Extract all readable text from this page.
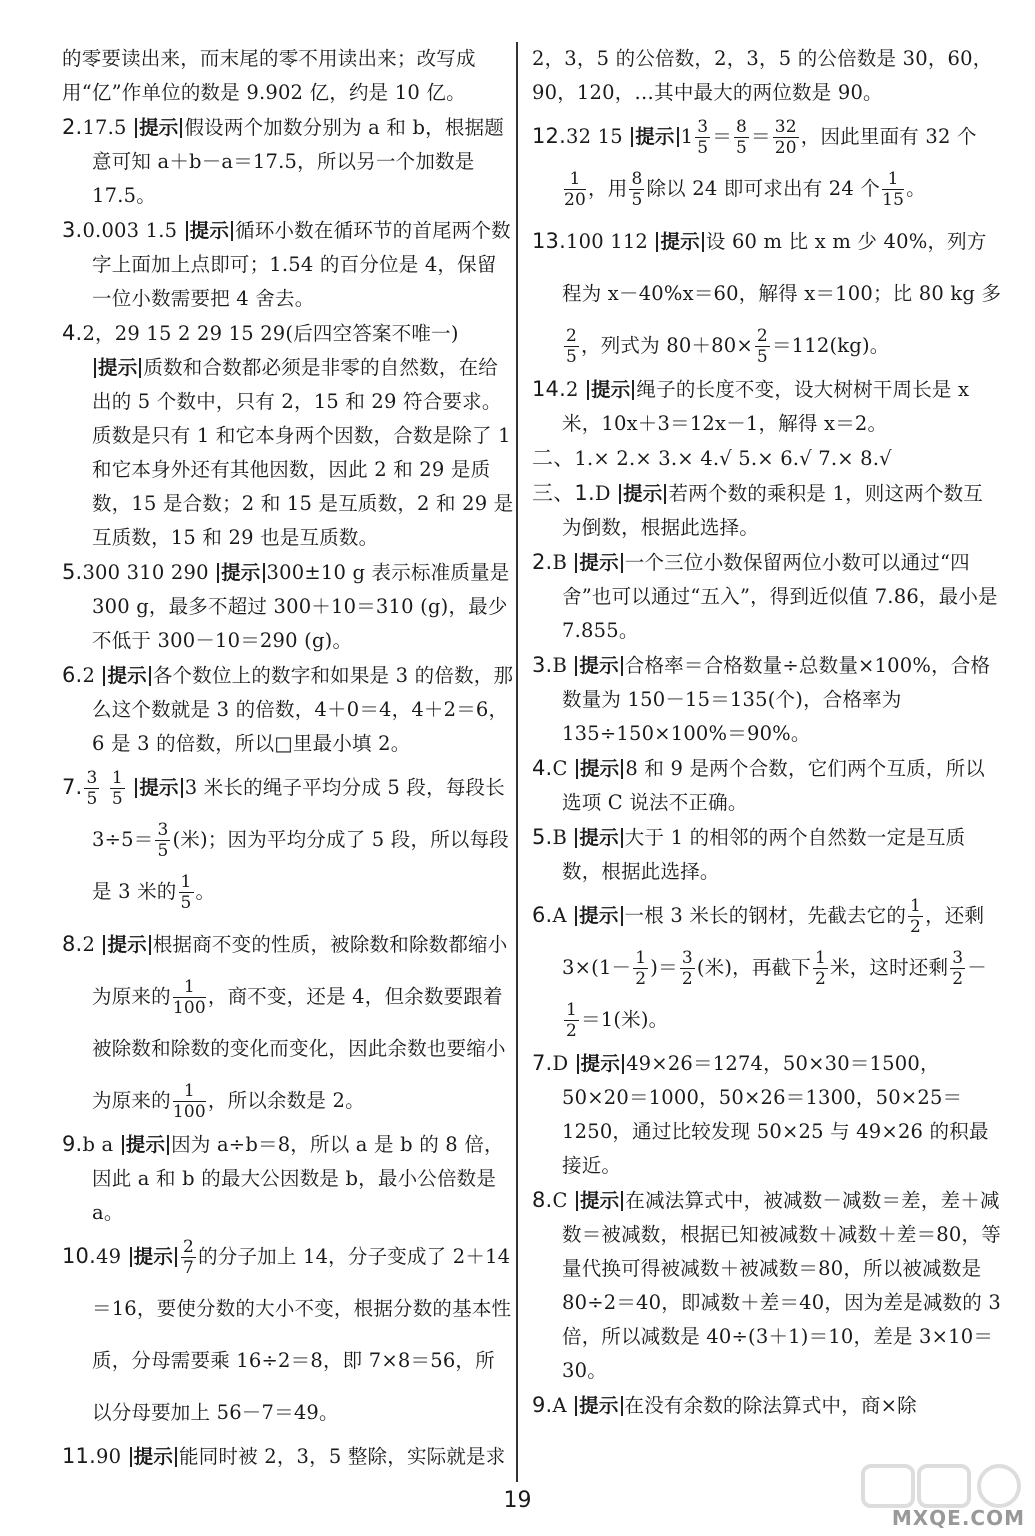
的零要读出来，而末尾的零不用读出来；改写成用“亿”作单位的数是 9.902 亿，约是 10 亿。

2.17.5 提示 假设两个加数分别为 a 和 b，根据题意可知 a＋b－a＝17.5，所以另一个加数是 17.5。

3.0.003 1.5 提示 循环小数在循环节的首尾两个数字上面加上点即可；1.54 的百分位是 4，保留一位小数需要把 4 舍去。

4.2，29 15 2 29 15 29(后四空答案不唯一) 提示 质数和合数都必须是非零的自然数，在给出的 5 个数中，只有 2，15 和 29 符合要求。质数是只有 1 和它本身两个因数，合数是除了 1 和它本身外还有其他因数，因此 2 和 29 是质数，15 是合数；2 和 15 是互质数，2 和 29 是互质数，15 和 29 也是互质数。

5.300 310 290 提示 300±10 g 表示标准质量是 300 g，最多不超过 300＋10＝310 (g)，最少不低于 300－10＝290 (g)。

6.2 提示 各个数位上的数字和如果是 3 的倍数，那么这个数就是 3 的倍数，4＋0＝4，4＋2＝6，6 是 3 的倍数，所以□里最小填 2。

7. $\frac{3}{5}$
$\frac{1}{5}$ 提示 3 米长的绳子平均分成 5 段，每段长 $3\div 5= \frac{3}{5}$ (米)；因为平均分成了 5 段，所以每段是 3 米的 $\frac{1}{5}$ 。

8.2 提示 根据商不变的性质，被除数和除数都缩小为原来的 $\frac{1}{100}$ ，商不变，还是 4，但余数要跟着被除数和除数的变化而变化，因此余数也要缩小为原来的 $\frac{1}{100}$ ，所以余数是 2。

9.b a 提示 因为 a÷b＝8，所以 a 是 b 的 8 倍，因此 a 和 b 的最大公因数是 b，最小公倍数是 a。

10.49 提示 $\frac{2}{7}$ 的分子加上 14，分子变成了 2＋14＝16，要使分数的大小不变，根据分数的基本性质，分母需要乘 16÷2＝8，即 7×8＝56，所以分母要加上 56－7＝49。

11.90 提示 能同时被 2，3，5 整除，实际就是求

2，3，5 的公倍数，2，3，5 的公倍数是 30，60，90，120，…其中最大的两位数是 90。

12.32 15 提示 $1 \frac{3}{5} = \frac{8}{5} = \frac{32}{20}$ ，因此里面有 32 个
$\frac{1}{20}$ ，用 $\frac{8}{5}$ 除以 24 即可求出有 24 个 $\frac{1}{15}$ 。

13.100 112 提示 设 60 m 比 x m 少 40%，列方程为 x－40%x＝60，解得 x＝100；比 80 kg 多
$\frac{2}{5}$ ，列式为 $80+80\times \frac{2}{5} =112(kg)$。

14.2 提示 绳子的长度不变，设大树树干周长是 x 米，10x＋3＝12x－1，解得 x＝2。

二、1.× 2.× 3.× 4.√ 5.× 6.√ 7.× 8.√

三、1.D 提示 若两个数的乘积是 1，则这两个数互为倒数，根据此选择。

2.B 提示 一个三位小数保留两位小数可以通过“四舍”也可以通过“五入”，得到近似值 7.86，最小是 7.855。

3.B 提示 合格率＝合格数量÷总数量×100%，合格数量为 150－15＝135(个)，合格率为 135÷150×100%＝90%。

4.C 提示 8 和 9 是两个合数，它们两个互质，所以选项 C 说法不正确。

5.B 提示 大于 1 的相邻的两个自然数一定是互质数，根据此选择。

6.A 提示 一根 3 米长的钢材，先截去它的 $\frac{1}{2}$ ，还剩 $3\times(1- \frac{1}{2}$ )＝ $\frac{3}{2}$ (米)，再截下 $\frac{1}{2}$ 米，这时还剩 $\frac{3}{2}$ －
$\frac{1}{2} =1$(米)。

7.D 提示 49×26＝1274，50×30＝1500，50×20＝1000，50×26＝1300，50×25＝1250，通过比较发现 50×25 与 49×26 的积最接近。

8.C 提示 在减法算式中，被减数－减数＝差，差＋减数＝被减数，根据已知被减数＋减数＋差＝80，等量代换可得被减数＋被减数＝80，所以被减数是 80÷2＝40，即减数＋差＝40，因为差是减数的 3 倍，所以减数是 40÷(3＋1)＝10，差是 3×10＝30。

9.A 提示 在没有余数的除法算式中，商×除

19
MXQE.COM
